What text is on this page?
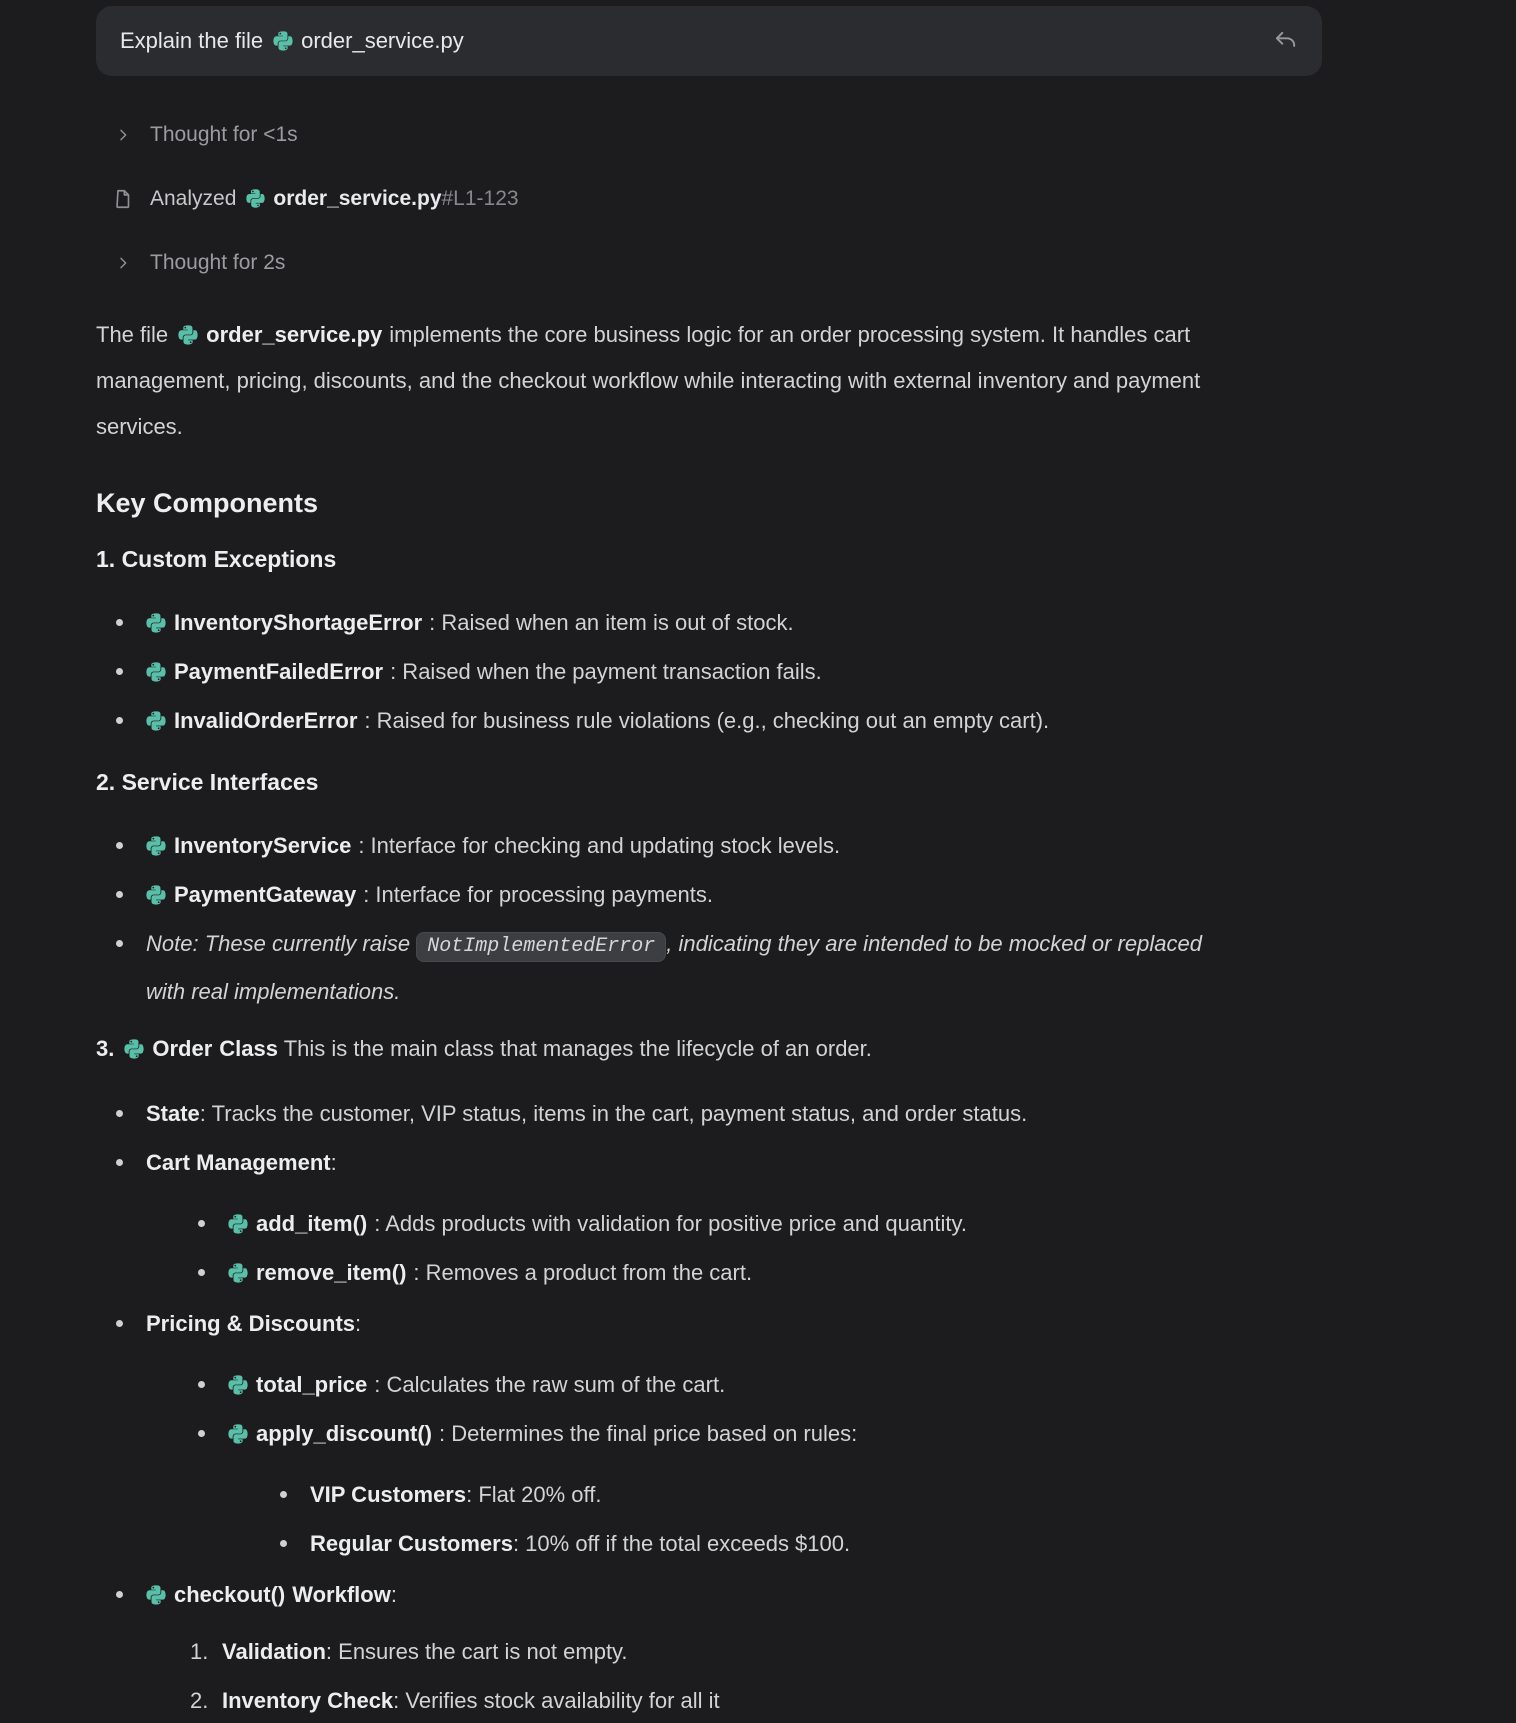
Explain the file	order_service.py
Thought for <1s
Analyzed	order_service.py #L1-123
Thought for 2s

The file order_service.py implements the core business logic for an order processing system. It handles cart management, pricing, discounts, and the checkout workflow while interacting with external inventory and payment services.

Key Components
1. Custom Exceptions
InventoryShortageError : Raised when an item is out of stock.
PaymentFailedError : Raised when the payment transaction fails.
InvalidOrderError : Raised for business rule violations (e.g., checking out an empty cart).
2. Service Interfaces
InventoryService : Interface for checking and updating stock levels.
PaymentGateway : Interface for processing payments.
Note: These currently raise NotImplementedError , indicating they are intended to be mocked or replaced with real implementations.

3. Order Class This is the main class that manages the lifecycle of an order.

State: Tracks the customer, VIP status, items in the cart, payment status, and order status.
Cart Management:
add_item() : Adds products with validation for positive price and quantity.
remove_item() : Removes a product from the cart.
Pricing & Discounts:
total_price : Calculates the raw sum of the cart.
apply_discount() : Determines the final price based on rules:
VIP Customers: Flat 20% off.
Regular Customers: 10% off if the total exceeds $100.
checkout() Workflow:
1. Validation: Ensures the cart is not empty.
2. Inventory Check: Verifies stock availability for all it
